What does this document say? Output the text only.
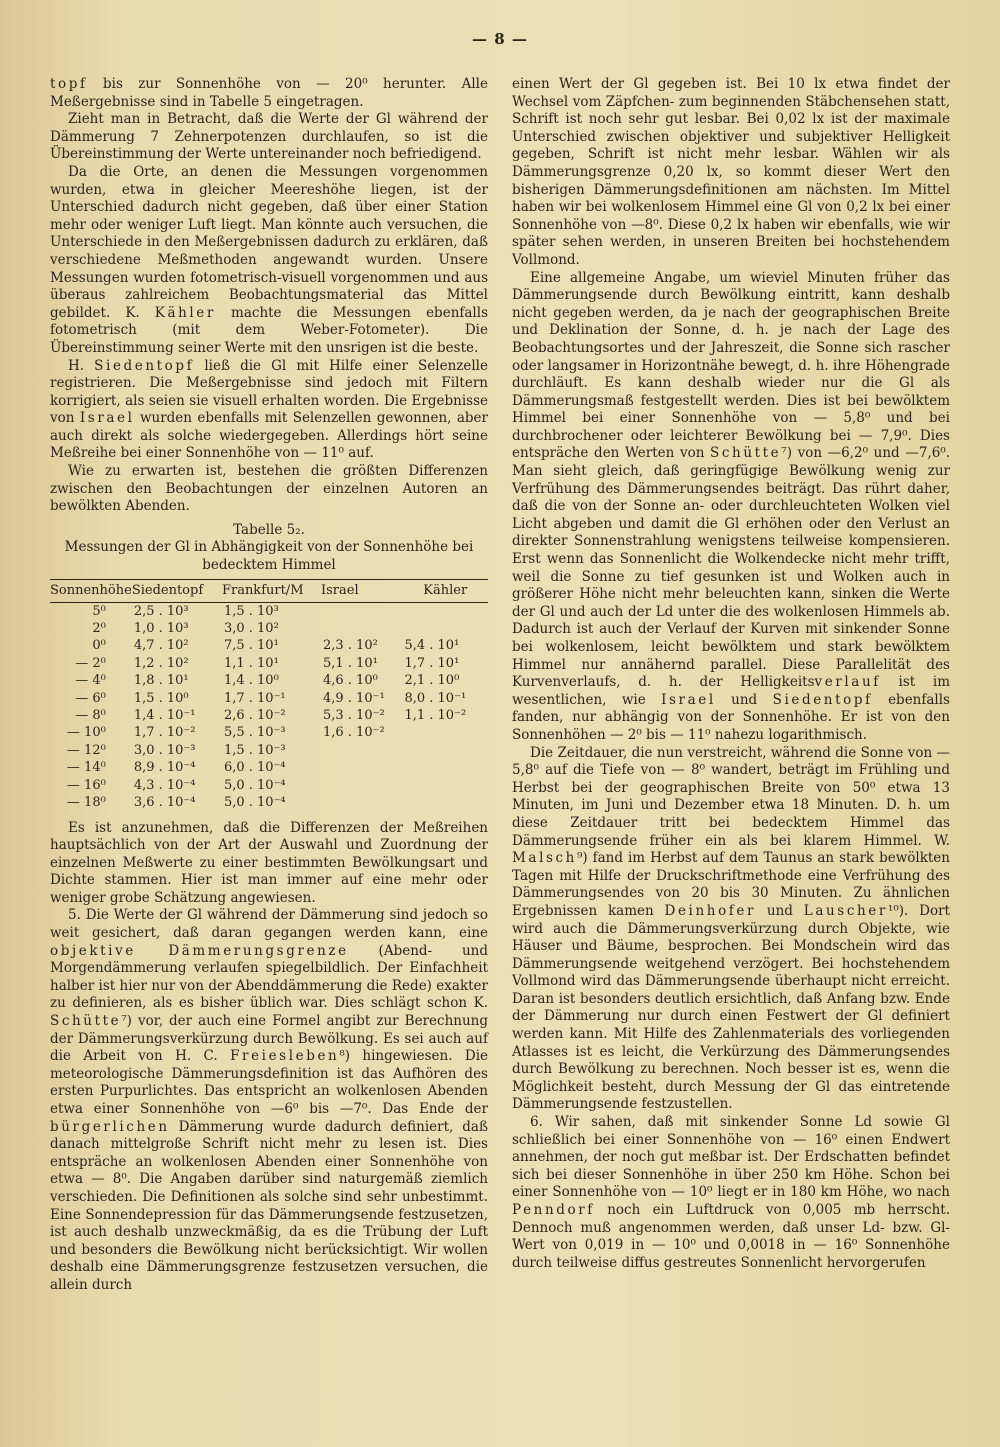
— 8 —

topf bis zur Sonnenhöhe von — 20⁰ herunter. Alle Meßergebnisse sind in Tabelle 5 eingetragen.

Zieht man in Betracht, daß die Werte der Gl während der Dämmerung 7 Zehnerpotenzen durchlaufen, so ist die Übereinstimmung der Werte untereinander noch befriedigend.

Da die Orte, an denen die Messungen vorgenommen wurden, etwa in gleicher Meereshöhe liegen, ist der Unterschied dadurch nicht gegeben, daß über einer Station mehr oder weniger Luft liegt. Man könnte auch versuchen, die Unterschiede in den Meßergebnissen dadurch zu erklären, daß verschiedene Meßmethoden angewandt wurden. Unsere Messungen wurden fotometrisch-visuell vorgenommen und aus überaus zahlreichem Beobachtungsmaterial das Mittel gebildet. K. Kähler machte die Messungen ebenfalls fotometrisch (mit dem Weber-Fotometer). Die Übereinstimmung seiner Werte mit den unsrigen ist die beste.

H. Siedentopf ließ die Gl mit Hilfe einer Selenzelle registrieren. Die Meßergebnisse sind jedoch mit Filtern korrigiert, als seien sie visuell erhalten worden. Die Ergebnisse von Israel wurden ebenfalls mit Selenzellen gewonnen, aber auch direkt als solche wiedergegeben. Allerdings hört seine Meßreihe bei einer Sonnenhöhe von — 11⁰ auf.

Wie zu erwarten ist, bestehen die größten Differenzen zwischen den Beobachtungen der einzelnen Autoren an bewölkten Abenden.

Tabelle 5₂.
Messungen der Gl in Abhängigkeit von der Sonnenhöhe bei bedecktem Himmel
Sonnenhöhe	Siedentopf	Frankfurt/M	Israel	Kähler
5⁰	2,5 . 10³	1,5 . 10³		
2⁰	1,0 . 10³	3,0 . 10²		
0⁰	4,7 . 10²	7,5 . 10¹	2,3 . 10²	5,4 . 10¹
— 2⁰	1,2 . 10²	1,1 . 10¹	5,1 . 10¹	1,7 . 10¹
— 4⁰	1,8 . 10¹	1,4 . 10⁰	4,6 . 10⁰	2,1 . 10⁰
— 6⁰	1,5 . 10⁰	1,7 . 10⁻¹	4,9 . 10⁻¹	8,0 . 10⁻¹
— 8⁰	1,4 . 10⁻¹	2,6 . 10⁻²	5,3 . 10⁻²	1,1 . 10⁻²
— 10⁰	1,7 . 10⁻²	5,5 . 10⁻³	1,6 . 10⁻²	
— 12⁰	3,0 . 10⁻³	1,5 . 10⁻³		
— 14⁰	8,9 . 10⁻⁴	6,0 . 10⁻⁴		
— 16⁰	4,3 . 10⁻⁴	5,0 . 10⁻⁴		
— 18⁰	3,6 . 10⁻⁴	5,0 . 10⁻⁴		

Es ist anzunehmen, daß die Differenzen der Meßreihen hauptsächlich von der Art der Auswahl und Zuordnung der einzelnen Meßwerte zu einer bestimmten Bewölkungsart und Dichte stammen. Hier ist man immer auf eine mehr oder weniger grobe Schätzung angewiesen.

5. Die Werte der Gl während der Dämmerung sind jedoch so weit gesichert, daß daran gegangen werden kann, eine objektive Dämmerungsgrenze (Abend- und Morgendämmerung verlaufen spiegelbildlich. Der Einfachheit halber ist hier nur von der Abenddämmerung die Rede) exakter zu definieren, als es bisher üblich war. Dies schlägt schon K. Schütte⁷) vor, der auch eine Formel angibt zur Berechnung der Dämmerungsverkürzung durch Bewölkung. Es sei auch auf die Arbeit von H. C. Freiesleben⁸) hingewiesen. Die meteorologische Dämmerungsdefinition ist das Aufhören des ersten Purpurlichtes. Das entspricht an wolkenlosen Abenden etwa einer Sonnenhöhe von —6⁰ bis —7⁰. Das Ende der bürgerlichen Dämmerung wurde dadurch definiert, daß danach mittelgroße Schrift nicht mehr zu lesen ist. Dies entspräche an wolkenlosen Abenden einer Sonnenhöhe von etwa — 8⁰. Die Angaben darüber sind naturgemäß ziemlich verschieden. Die Definitionen als solche sind sehr unbestimmt. Eine Sonnendepression für das Dämmerungsende festzusetzen, ist auch deshalb unzweckmäßig, da es die Trübung der Luft und besonders die Bewölkung nicht berücksichtigt. Wir wollen deshalb eine Dämmerungsgrenze festzusetzen versuchen, die allein durch

einen Wert der Gl gegeben ist. Bei 10 lx etwa findet der Wechsel vom Zäpfchen- zum beginnenden Stäbchensehen statt, Schrift ist noch sehr gut lesbar. Bei 0,02 lx ist der maximale Unterschied zwischen objektiver und subjektiver Helligkeit gegeben, Schrift ist nicht mehr lesbar. Wählen wir als Dämmerungsgrenze 0,20 lx, so kommt dieser Wert den bisherigen Dämmerungsdefinitionen am nächsten. Im Mittel haben wir bei wolkenlosem Himmel eine Gl von 0,2 lx bei einer Sonnenhöhe von —8⁰. Diese 0,2 lx haben wir ebenfalls, wie wir später sehen werden, in unseren Breiten bei hochstehendem Vollmond.

Eine allgemeine Angabe, um wieviel Minuten früher das Dämmerungsende durch Bewölkung eintritt, kann deshalb nicht gegeben werden, da je nach der geographischen Breite und Deklination der Sonne, d. h. je nach der Lage des Beobachtungsortes und der Jahreszeit, die Sonne sich rascher oder langsamer in Horizontnähe bewegt, d. h. ihre Höhengrade durchläuft. Es kann deshalb wieder nur die Gl als Dämmerungsmaß festgestellt werden. Dies ist bei bewölktem Himmel bei einer Sonnenhöhe von — 5,8⁰ und bei durchbrochener oder leichterer Bewölkung bei — 7,9⁰. Dies entspräche den Werten von Schütte⁷) von —6,2⁰ und —7,6⁰. Man sieht gleich, daß geringfügige Bewölkung wenig zur Verfrühung des Dämmerungsendes beiträgt. Das rührt daher, daß die von der Sonne an- oder durchleuchteten Wolken viel Licht abgeben und damit die Gl erhöhen oder den Verlust an direkter Sonnenstrahlung wenigstens teilweise kompensieren. Erst wenn das Sonnenlicht die Wolkendecke nicht mehr trifft, weil die Sonne zu tief gesunken ist und Wolken auch in größerer Höhe nicht mehr beleuchten kann, sinken die Werte der Gl und auch der Ld unter die des wolkenlosen Himmels ab. Dadurch ist auch der Verlauf der Kurven mit sinkender Sonne bei wolkenlosem, leicht bewölktem und stark bewölktem Himmel nur annähernd parallel. Diese Parallelität des Kurvenverlaufs, d. h. der Helligkeitsverlauf ist im wesentlichen, wie Israel und Siedentopf ebenfalls fanden, nur abhängig von der Sonnenhöhe. Er ist von den Sonnenhöhen — 2⁰ bis — 11⁰ nahezu logarithmisch.

Die Zeitdauer, die nun verstreicht, während die Sonne von — 5,8⁰ auf die Tiefe von — 8⁰ wandert, beträgt im Frühling und Herbst bei der geographischen Breite von 50⁰ etwa 13 Minuten, im Juni und Dezember etwa 18 Minuten. D. h. um diese Zeitdauer tritt bei bedecktem Himmel das Dämmerungsende früher ein als bei klarem Himmel. W. Malsch⁹) fand im Herbst auf dem Taunus an stark bewölkten Tagen mit Hilfe der Druckschriftmethode eine Verfrühung des Dämmerungsendes von 20 bis 30 Minuten. Zu ähnlichen Ergebnissen kamen Deinhofer und Lauscher¹⁰). Dort wird auch die Dämmerungsverkürzung durch Objekte, wie Häuser und Bäume, besprochen. Bei Mondschein wird das Dämmerungsende weitgehend verzögert. Bei hochstehendem Vollmond wird das Dämmerungsende überhaupt nicht erreicht. Daran ist besonders deutlich ersichtlich, daß Anfang bzw. Ende der Dämmerung nur durch einen Festwert der Gl definiert werden kann. Mit Hilfe des Zahlenmaterials des vorliegenden Atlasses ist es leicht, die Verkürzung des Dämmerungsendes durch Bewölkung zu berechnen. Noch besser ist es, wenn die Möglichkeit besteht, durch Messung der Gl das eintretende Dämmerungsende festzustellen.

6. Wir sahen, daß mit sinkender Sonne Ld sowie Gl schließlich bei einer Sonnenhöhe von — 16⁰ einen Endwert annehmen, der noch gut meßbar ist. Der Erdschatten befindet sich bei dieser Sonnenhöhe in über 250 km Höhe. Schon bei einer Sonnenhöhe von — 10⁰ liegt er in 180 km Höhe, wo nach Penndorf noch ein Luftdruck von 0,005 mb herrscht. Dennoch muß angenommen werden, daß unser Ld- bzw. Gl-Wert von 0,019 in — 10⁰ und 0,0018 in — 16⁰ Sonnenhöhe durch teilweise diffus gestreutes Sonnenlicht hervorgerufen
